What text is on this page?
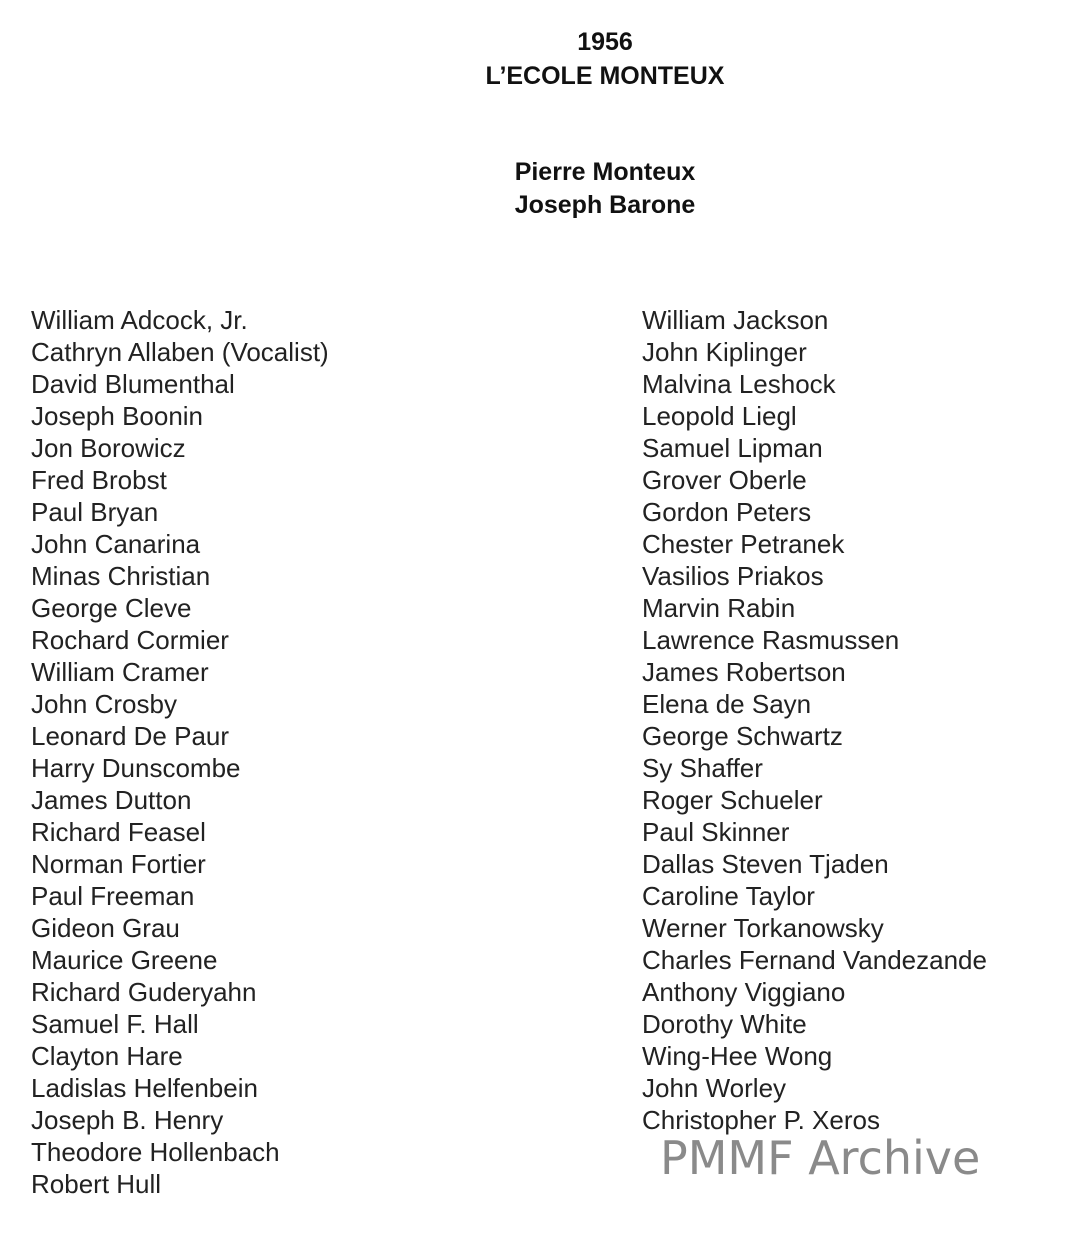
1956
L’ECOLE MONTEUX
Pierre Monteux
Joseph Barone
William Adcock, Jr.
Cathryn Allaben (Vocalist)
David Blumenthal
Joseph Boonin
Jon Borowicz
Fred Brobst
Paul Bryan
John Canarina
Minas Christian
George Cleve
Rochard Cormier
William Cramer
John Crosby
Leonard De Paur
Harry Dunscombe
James Dutton
Richard Feasel
Norman Fortier
Paul Freeman
Gideon Grau
Maurice Greene
Richard Guderyahn
Samuel F. Hall
Clayton Hare
Ladislas Helfenbein
Joseph B. Henry
Theodore Hollenbach
Robert Hull
William Jackson
John Kiplinger
Malvina Leshock
Leopold Liegl
Samuel Lipman
Grover Oberle
Gordon Peters
Chester Petranek
Vasilios Priakos
Marvin Rabin
Lawrence Rasmussen
James Robertson
Elena de Sayn
George Schwartz
Sy Shaffer
Roger Schueler
Paul Skinner
Dallas Steven Tjaden
Caroline Taylor
Werner Torkanowsky
Charles Fernand Vandezande
Anthony Viggiano
Dorothy White
Wing-Hee Wong
John Worley
Christopher P. Xeros
PMMF Archive
